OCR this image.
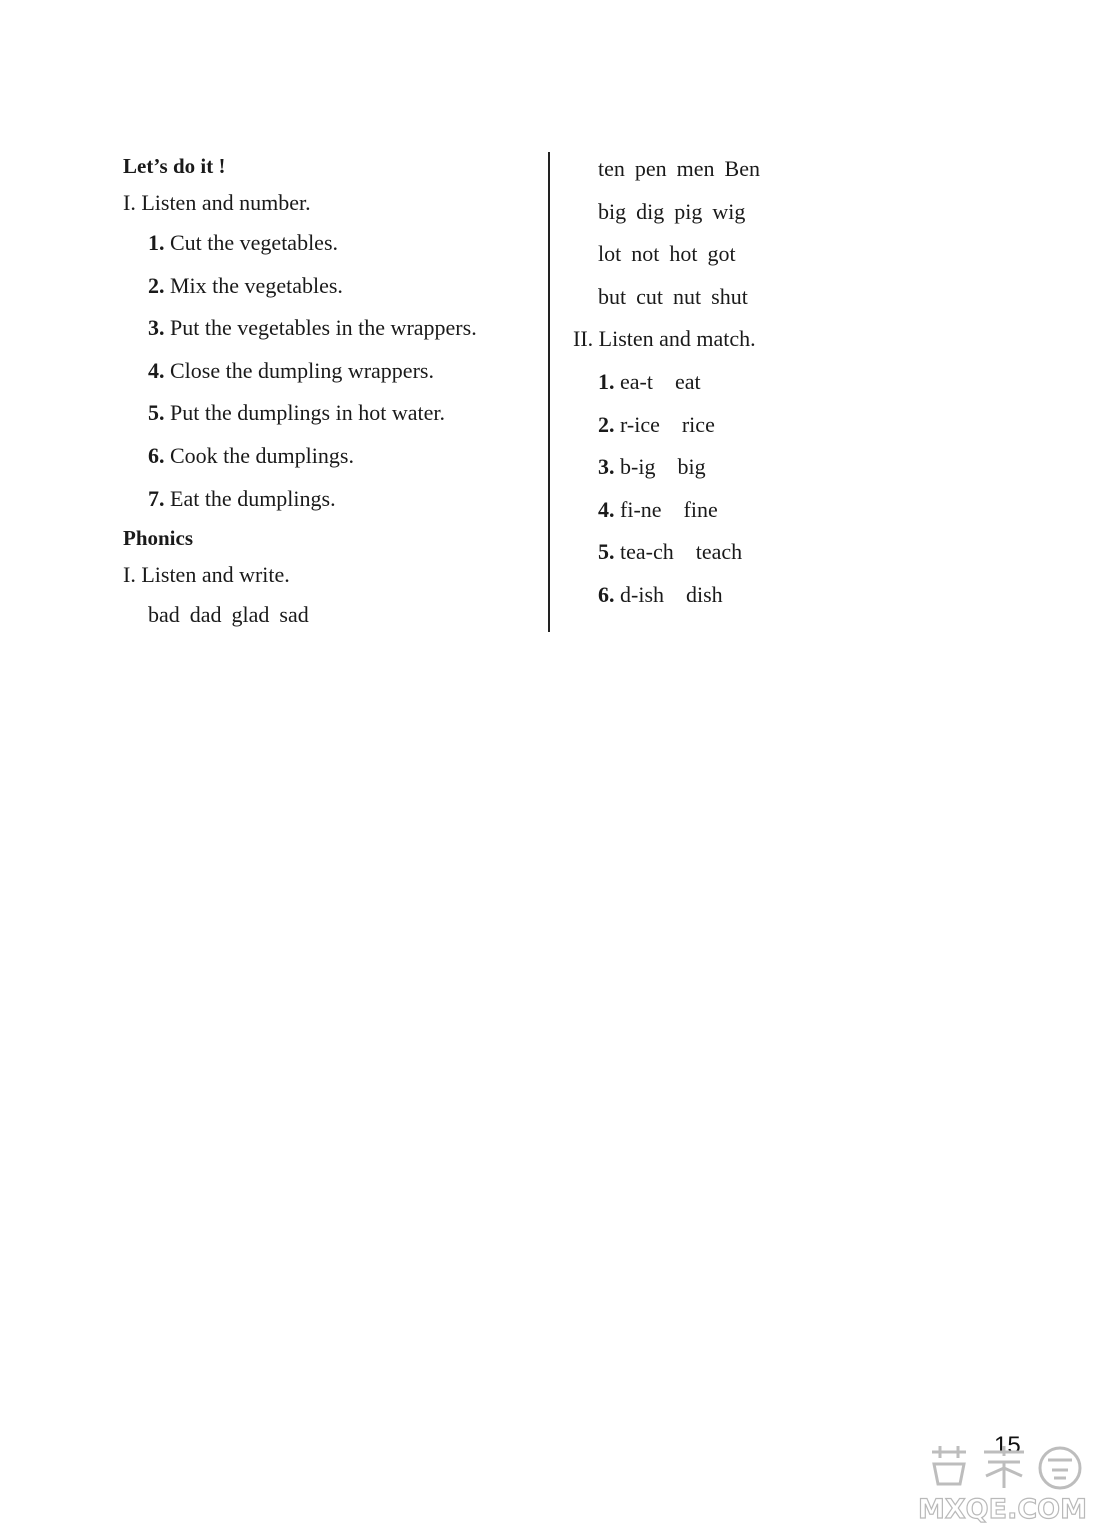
Let’s do it !
I. Listen and number.
1. Cut the vegetables.
2. Mix the vegetables.
3. Put the vegetables in the wrappers.
4. Close the dumpling wrappers.
5. Put the dumplings in hot water.
6. Cook the dumplings.
7. Eat the dumplings.
Phonics
I. Listen and write.
bad dad glad sad
ten pen men Ben
big dig pig wig
lot not hot got
but cut nut shut
II. Listen and match.
1. ea-t eat
2. r-ice rice
3. b-ig big
4. fi-ne fine
5. tea-ch teach
6. d-ish dish
15
MXQE.COM
